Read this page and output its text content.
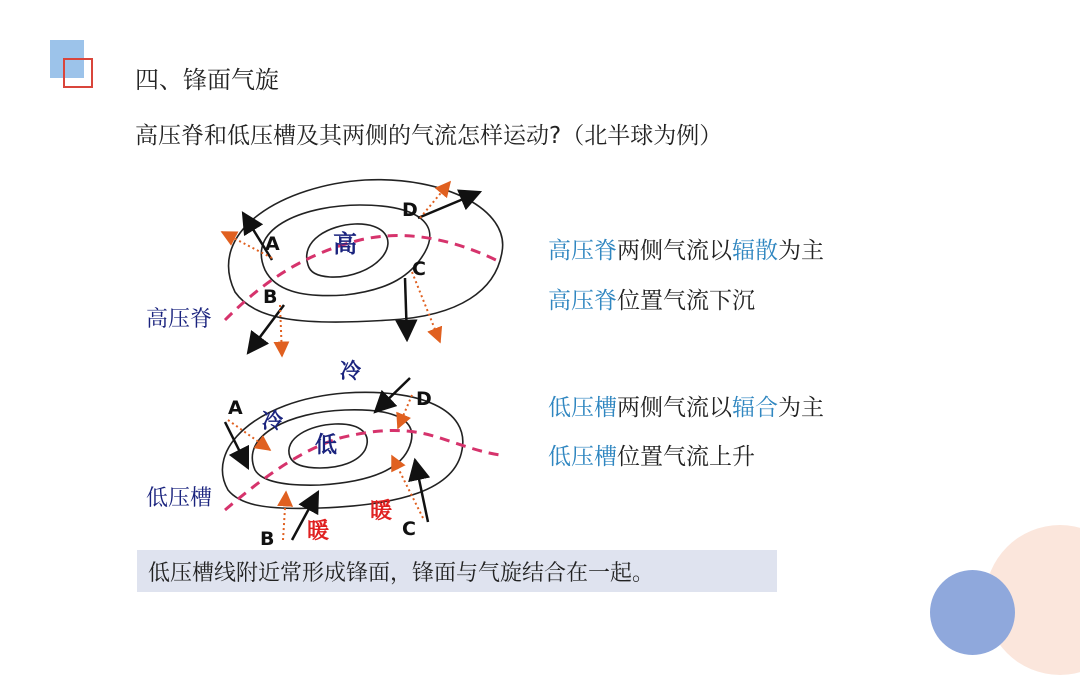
四、锋面气旋
高压脊和低压槽及其两侧的气流怎样运动?（北半球为例）
高
A
B
C
D
高压脊
低
A
B	C
D
冷
冷
暖
暖
低压槽
高压脊两侧气流以辐散为主
高压脊位置气流下沉
低压槽两侧气流以辐合为主
低压槽位置气流上升
低压槽线附近常形成锋面，锋面与气旋结合在一起。
